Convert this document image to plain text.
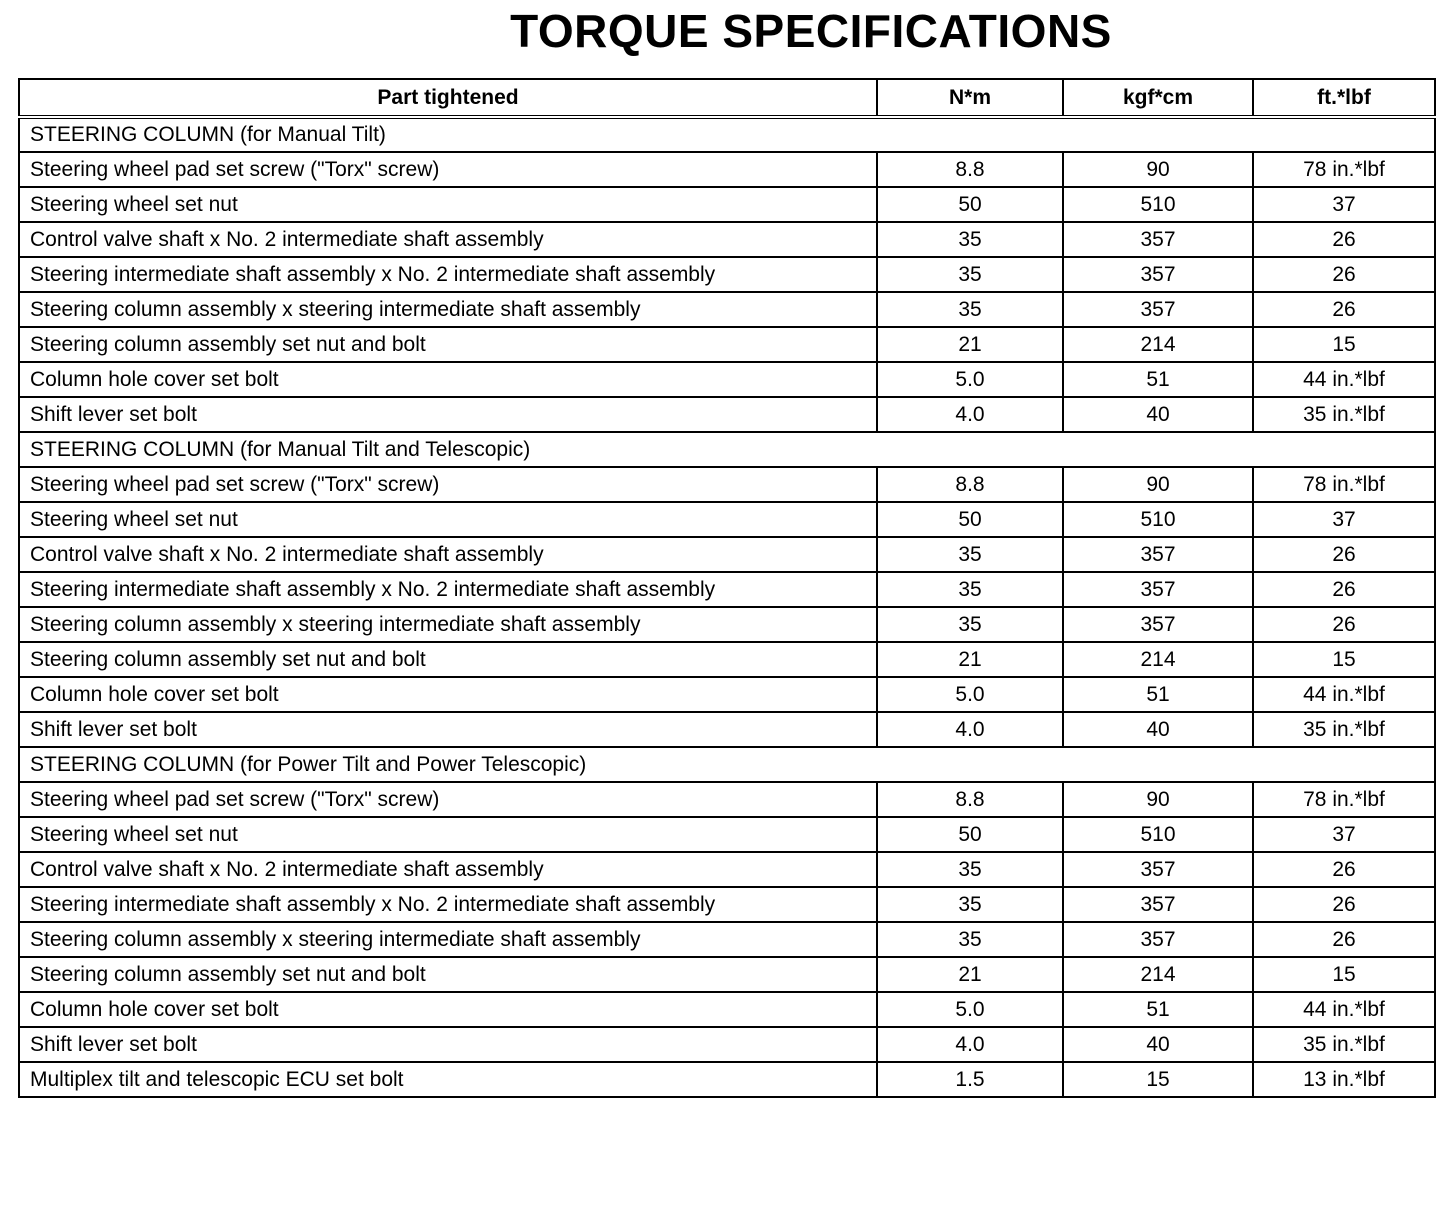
TORQUE SPECIFICATIONS
Part tightened	N*m	kgf*cm	ft.*lbf
STEERING COLUMN (for Manual Tilt)			
Steering wheel pad set screw ("Torx" screw)	8.8	90	78 in.*lbf
Steering wheel set nut	50	510	37
Control valve shaft x No. 2 intermediate shaft assembly	35	357	26
Steering intermediate shaft assembly x No. 2 intermediate shaft assembly	35	357	26
Steering column assembly x steering intermediate shaft assembly	35	357	26
Steering column assembly set nut and bolt	21	214	15
Column hole cover set bolt	5.0	51	44 in.*lbf
Shift lever set bolt	4.0	40	35 in.*lbf
STEERING COLUMN (for Manual Tilt and Telescopic)			
Steering wheel pad set screw ("Torx" screw)	8.8	90	78 in.*lbf
Steering wheel set nut	50	510	37
Control valve shaft x No. 2 intermediate shaft assembly	35	357	26
Steering intermediate shaft assembly x No. 2 intermediate shaft assembly	35	357	26
Steering column assembly x steering intermediate shaft assembly	35	357	26
Steering column assembly set nut and bolt	21	214	15
Column hole cover set bolt	5.0	51	44 in.*lbf
Shift lever set bolt	4.0	40	35 in.*lbf
STEERING COLUMN (for Power Tilt and Power Telescopic)			
Steering wheel pad set screw ("Torx" screw)	8.8	90	78 in.*lbf
Steering wheel set nut	50	510	37
Control valve shaft x No. 2 intermediate shaft assembly	35	357	26
Steering intermediate shaft assembly x No. 2 intermediate shaft assembly	35	357	26
Steering column assembly x steering intermediate shaft assembly	35	357	26
Steering column assembly set nut and bolt	21	214	15
Column hole cover set bolt	5.0	51	44 in.*lbf
Shift lever set bolt	4.0	40	35 in.*lbf
Multiplex tilt and telescopic ECU set bolt	1.5	15	13 in.*lbf
